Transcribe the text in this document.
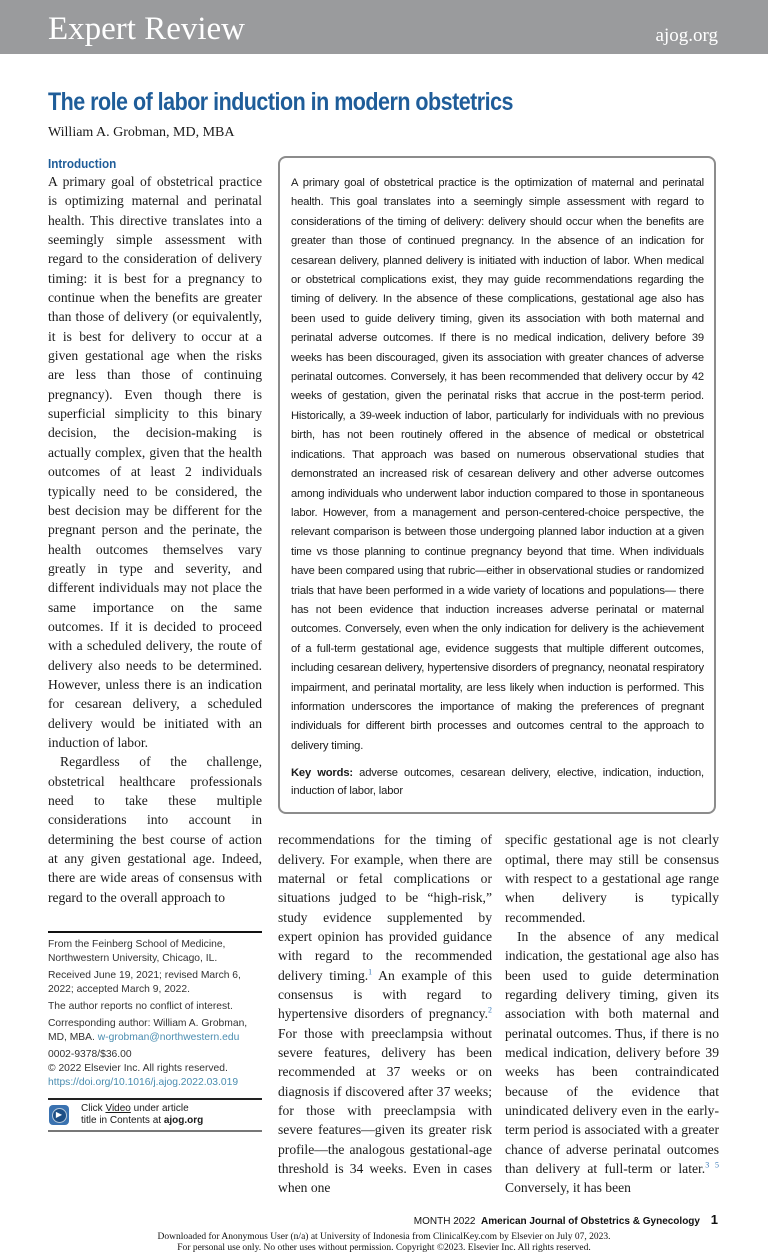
Expert Review	ajog.org
The role of labor induction in modern obstetrics
William A. Grobman, MD, MBA
Introduction

A primary goal of obstetrical practice is optimizing maternal and perinatal health. This directive translates into a seemingly simple assessment with regard to the consideration of delivery timing: it is best for a pregnancy to continue when the benefits are greater than those of delivery (or equivalently, it is best for delivery to occur at a given gestational age when the risks are less than those of continuing pregnancy). Even though there is superficial simplicity to this binary decision, the decision-making is actually complex, given that the health outcomes of at least 2 individuals typically need to be considered, the best decision may be different for the pregnant person and the perinate, the health outcomes themselves vary greatly in type and severity, and different individuals may not place the same importance on the same outcomes. If it is decided to proceed with a scheduled delivery, the route of delivery also needs to be determined. However, unless there is an indication for cesarean delivery, a scheduled delivery would be initiated with an induction of labor.

Regardless of the challenge, obstetrical healthcare professionals need to take these multiple considerations into account in determining the best course of action at any given gestational age. Indeed, there are wide areas of consensus with regard to the overall approach to

From the Feinberg School of Medicine, Northwestern University, Chicago, IL.

Received June 19, 2021; revised March 6, 2022; accepted March 9, 2022.

The author reports no conflict of interest.

Corresponding author: William A. Grobman, MD, MBA. w-grobman@northwestern.edu

0002-9378/$36.00
© 2022 Elsevier Inc. All rights reserved.
https://doi.org/10.1016/j.ajog.2022.03.019
▶
Click Video under article
title in Contents at ajog.org
A primary goal of obstetrical practice is the optimization of maternal and perinatal health. This goal translates into a seemingly simple assessment with regard to considerations of the timing of delivery: delivery should occur when the benefits are greater than those of continued pregnancy. In the absence of an indication for cesarean delivery, planned delivery is initiated with induction of labor. When medical or obstetrical complications exist, they may guide recommendations regarding the timing of delivery. In the absence of these complications, gestational age also has been used to guide delivery timing, given its association with both maternal and perinatal adverse outcomes. If there is no medical indication, delivery before 39 weeks has been discouraged, given its association with greater chances of adverse perinatal outcomes. Conversely, it has been recommended that delivery occur by 42 weeks of gestation, given the perinatal risks that accrue in the post-term period. Historically, a 39-week induction of labor, particularly for individuals with no previous birth, has not been routinely offered in the absence of medical or obstetrical indications. That approach was based on numerous observational studies that demonstrated an increased risk of cesarean delivery and other adverse outcomes among individuals who underwent labor induction compared to those in spontaneous labor. However, from a management and person-centered-choice perspective, the relevant comparison is between those undergoing planned labor induction at a given time vs those planning to continue pregnancy beyond that time. When individuals have been compared using that rubric—either in observational studies or randomized trials that have been performed in a wide variety of locations and populations— there has not been evidence that induction increases adverse perinatal or maternal outcomes. Conversely, even when the only indication for delivery is the achievement of a full-term gestational age, evidence suggests that multiple different outcomes, including cesarean delivery, hypertensive disorders of pregnancy, neonatal respiratory impairment, and perinatal mortality, are less likely when induction is performed. This information underscores the importance of making the preferences of pregnant individuals for different birth processes and outcomes central to the approach to delivery timing.
Key words: adverse outcomes, cesarean delivery, elective, indication, induction, induction of labor, labor

recommendations for the timing of delivery. For example, when there are maternal or fetal complications or situations judged to be “high-risk,” study evidence supplemented by expert opinion has provided guidance with regard to the recommended delivery timing.$^1$ An example of this consensus is with regard to hypertensive disorders of pregnancy.$^2$ For those with preeclampsia without severe features, delivery has been recommended at 37 weeks or on diagnosis if discovered after 37 weeks; for those with preeclampsia with severe features—given its greater risk profile—the analogous gestational-age threshold is 34 weeks. Even in cases when one

specific gestational age is not clearly optimal, there may still be consensus with respect to a gestational age range when delivery is typically recommended.

In the absence of any medical indication, the gestational age also has been used to guide determination regarding delivery timing, given its association with both maternal and perinatal outcomes. Thus, if there is no medical indication, delivery before 39 weeks has been contraindicated because of the evidence that unindicated delivery even in the early-term period is associated with a greater chance of adverse perinatal outcomes than delivery at full-term or later.$^3$ $^5$ Conversely, it has been

MONTH 2022 American Journal of Obstetrics & Gynecology 1
Downloaded for Anonymous User (n/a) at University of Indonesia from ClinicalKey.com by Elsevier on July 07, 2023.
For personal use only. No other uses without permission. Copyright ©2023. Elsevier Inc. All rights reserved.
